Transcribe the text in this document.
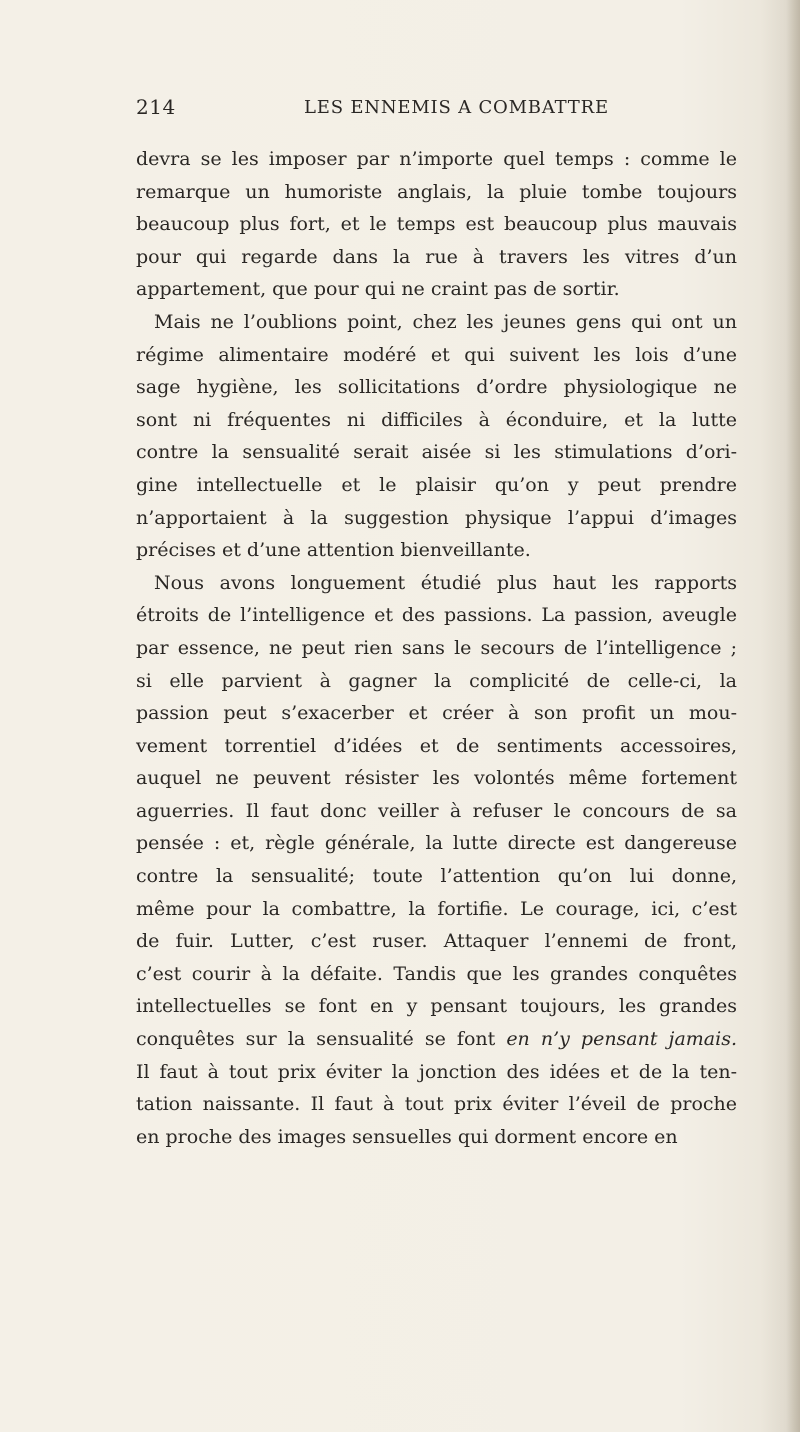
214	LES ENNEMIS A COMBATTRE
devra se les imposer par n’importe quel temps : comme le
remarque un humoriste anglais, la pluie tombe toujours
beaucoup plus fort, et le temps est beaucoup plus mauvais
pour qui regarde dans la rue à travers les vitres d’un
appartement, que pour qui ne craint pas de sortir.
Mais ne l’oublions point, chez les jeunes gens qui ont un
régime alimentaire modéré et qui suivent les lois d’une
sage hygiène, les sollicitations d’ordre physiologique ne
sont ni fréquentes ni difficiles à éconduire, et la lutte
contre la sensualité serait aisée si les stimulations d’ori-
gine intellectuelle et le plaisir qu’on y peut prendre
n’apportaient à la suggestion physique l’appui d’images
précises et d’une attention bienveillante.
Nous avons longuement étudié plus haut les rapports
étroits de l’intelligence et des passions. La passion, aveugle
par essence, ne peut rien sans le secours de l’intelligence ;
si elle parvient à gagner la complicité de celle-ci, la
passion peut s’exacerber et créer à son profit un mou-
vement torrentiel d’idées et de sentiments accessoires,
auquel ne peuvent résister les volontés même fortement
aguerries. Il faut donc veiller à refuser le concours de sa
pensée : et, règle générale, la lutte directe est dangereuse
contre la sensualité; toute l’attention qu’on lui donne,
même pour la combattre, la fortifie. Le courage, ici, c’est
de fuir. Lutter, c’est ruser. Attaquer l’ennemi de front,
c’est courir à la défaite. Tandis que les grandes conquêtes
intellectuelles se font en y pensant toujours, les grandes
conquêtes sur la sensualité se font en n’y pensant jamais.
Il faut à tout prix éviter la jonction des idées et de la ten-
tation naissante. Il faut à tout prix éviter l’éveil de proche
en proche des images sensuelles qui dorment encore en
